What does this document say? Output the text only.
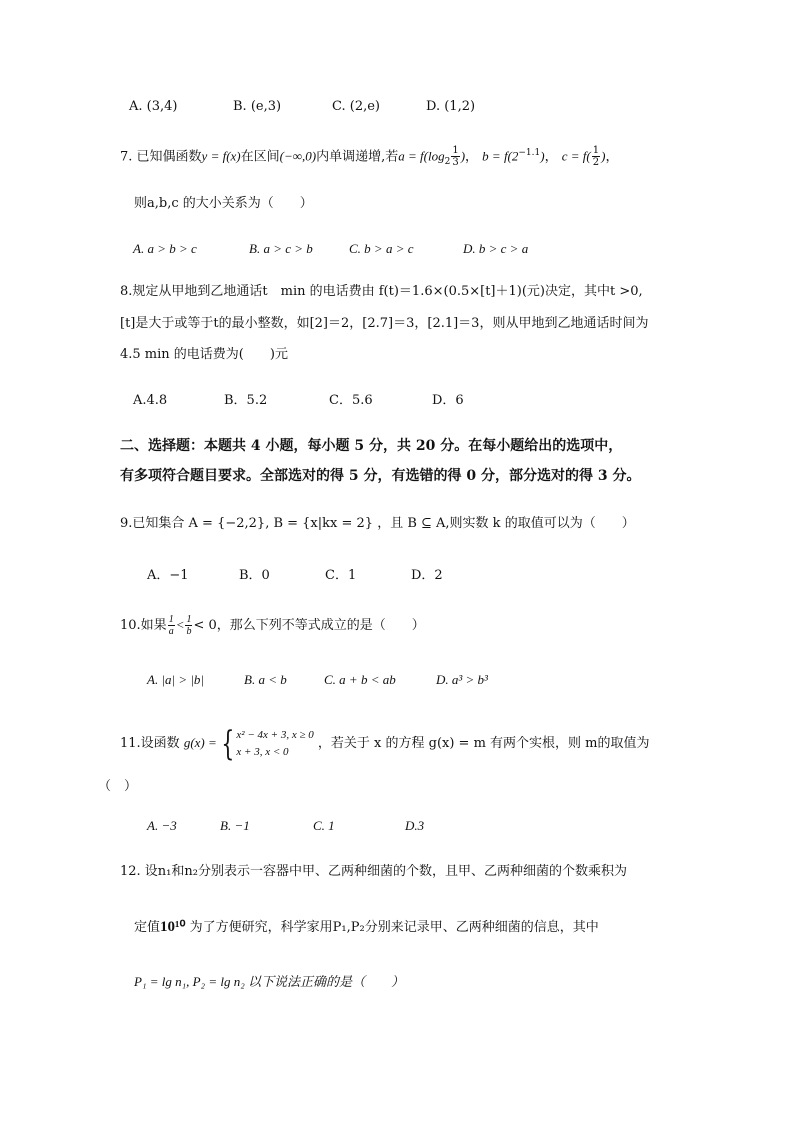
A. (3,4)	B. (e,3)	C. (2,e)	D. (1,2)
7. 已知偶函数y = f(x)在区间(−∞,0)内单调递增,若$a = f(\log_2 \frac{1}{3}$ )， $b = f(2^{-1.1})$， $c = f( \frac{1}{2}$ )，
则a,b,c 的大小关系为（　　）
A. a > b > c	B. a > c > b	C. b > a > c	D. b > c > a
8.规定从甲地到乙地通话t　min 的电话费由 f(t)＝1.6×(0.5×[t]＋1)(元)决定，其中t >0,
[t]是大于或等于t的最小整数，如[2]＝2，[2.7]＝3，[2.1]＝3，则从甲地到乙地通话时间为
4.5 min 的电话费为(　　)元
A.4.8	B．5.2	C．5.6	D．6
二、选择题：本题共 4 小题，每小题 5 分，共 20 分。在每小题给出的选项中，
有多项符合题目要求。全部选对的得 5 分，有选错的得 0 分，部分选对的得 3 分。
9.已知集合 A = {−2,2}, B = {x|kx = 2} ，且 B ⊆ A,则实数 k 的取值可以为（　　）
A．−1	B．0	C．1	D．2
10.如果 $\frac{1}{a} < \frac{1}{b} < 0$，那么下列不等式成立的是（　　）
A. |a| > |b|	B. a < b	C. a + b < ab	D. a³ > b³
11.设函数 g(x) = { x² − 4x + 3, x ≥ 0
x + 3, x < 0
，若关于 x 的方程 g(x) = m 有两个实根，则 m的取值为
（　）
A. −3	B. −1	C. 1	D.3
12. 设n₁和n₂分别表示一容器中甲、乙两种细菌的个数，且甲、乙两种细菌的个数乘积为
定值10¹⁰ 为了方便研究，科学家用P₁,P₂分别来记录甲、乙两种细菌的信息，其中
P₁ = lg n₁, P₂ = lg n₂ 以下说法正确的是（　　）
